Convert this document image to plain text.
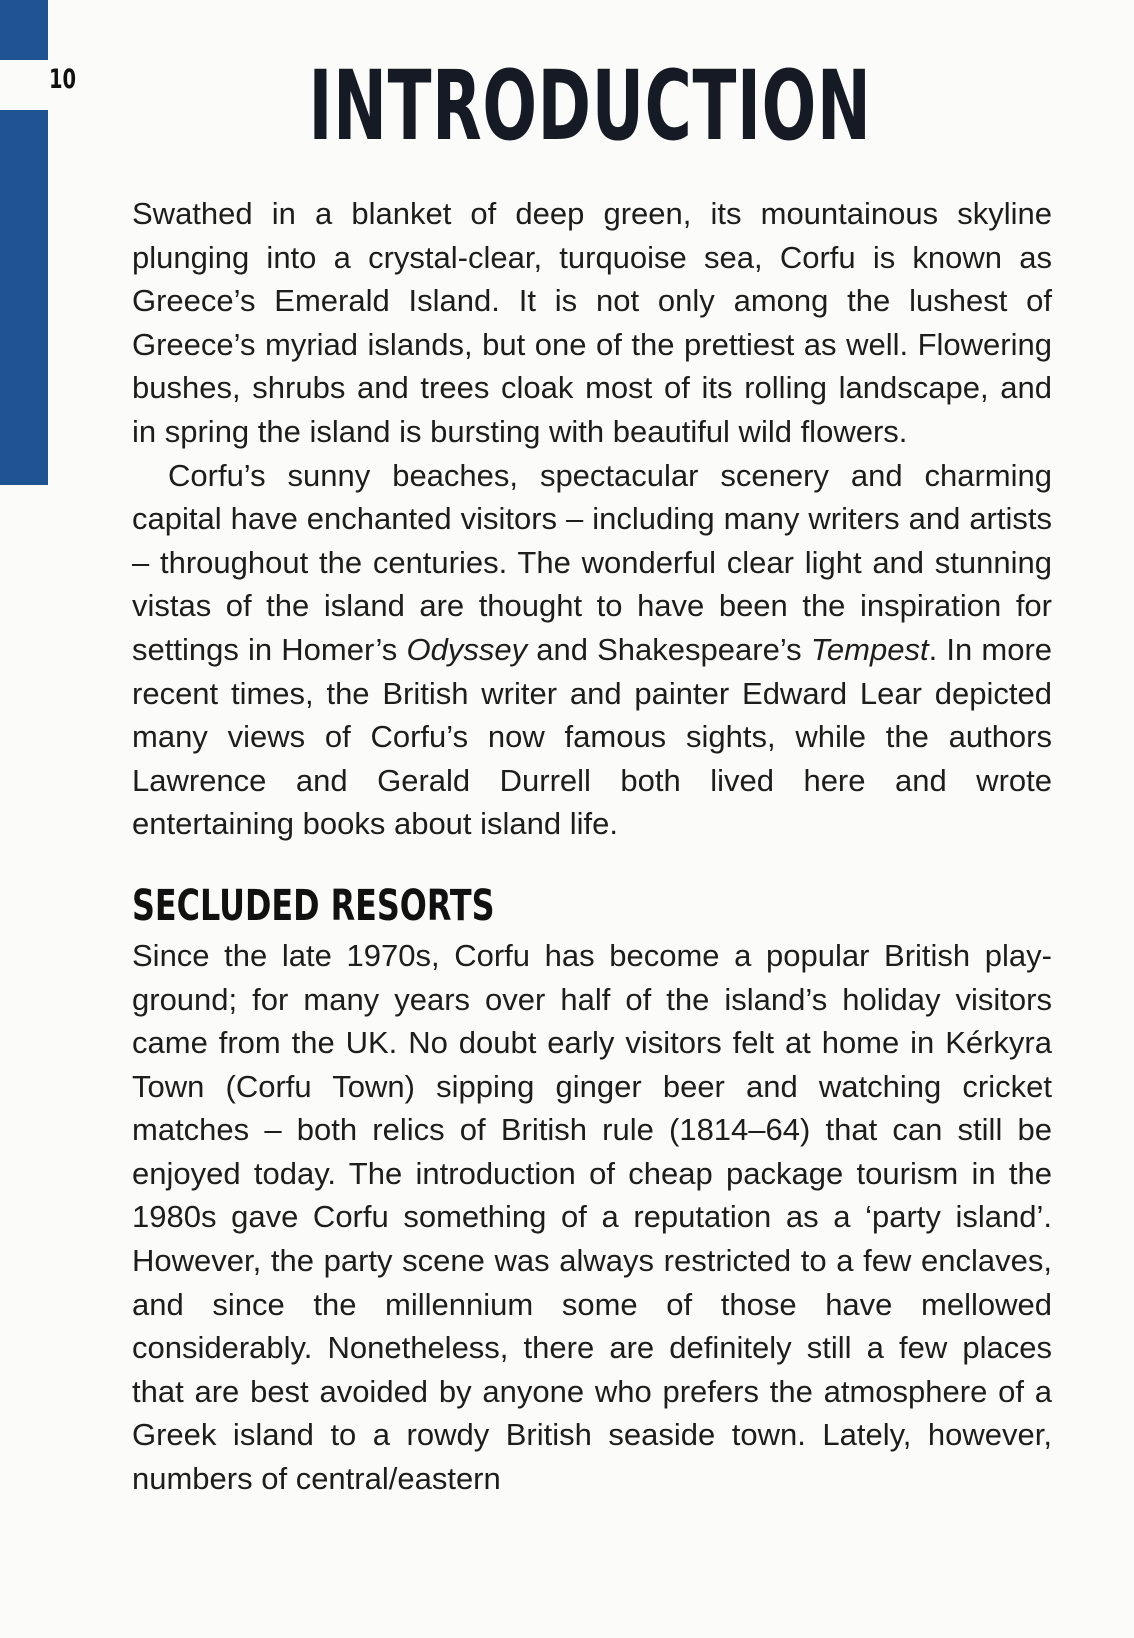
10	INTRODUCTION

Swathed in a blanket of deep green, its mountainous skyline plunging into a crystal-clear, turquoise sea, Corfu is known as Greece’s Emerald Island. It is not only among the lushest of Greece’s myriad islands, but one of the prettiest as well. Flowering bushes, shrubs and trees cloak most of its rolling landscape, and in spring the island is bursting with beautiful wild flowers.

Corfu’s sunny beaches, spectacular scenery and charming capital have enchanted visitors – including many writers and artists – throughout the centuries. The wonderful clear light and stunning vistas of the island are thought to have been the inspiration for settings in Homer’s Odyssey and Shakespeare’s Tempest. In more recent times, the British writer and painter Edward Lear depicted many views of Corfu’s now famous sights, while the authors Lawrence and Gerald Durrell both lived here and wrote entertaining books about island life.

SECLUDED RESORTS

Since the late 1970s, Corfu has become a popular British playground; for many years over half of the island’s holiday visitors came from the UK. No doubt early visitors felt at home in Kérkyra Town (Corfu Town) sipping ginger beer and watching cricket matches – both relics of British rule (1814–64) that can still be enjoyed today. The introduction of cheap package tourism in the 1980s gave Corfu something of a reputation as a ‘party island’. However, the party scene was always restricted to a few enclaves, and since the millennium some of those have mellowed considerably. Nonetheless, there are definitely still a few places that are best avoided by anyone who prefers the atmosphere of a Greek island to a rowdy British seaside town. Lately, however, numbers of central/eastern
